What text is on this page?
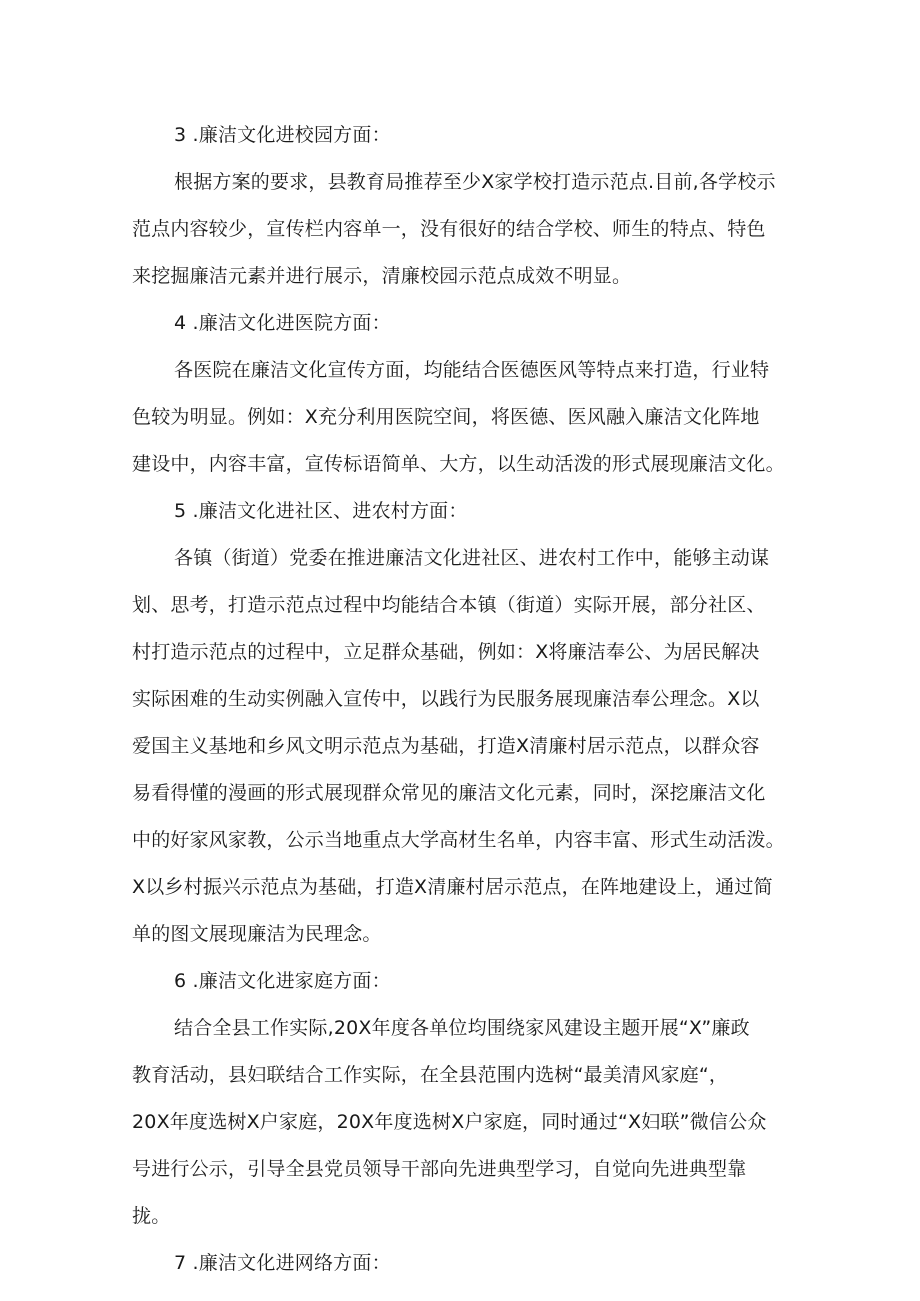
3 .廉洁文化进校园方面：
根据方案的要求，县教育局推荐至少X家学校打造示范点.目前,各学校示
范点内容较少，宣传栏内容单一，没有很好的结合学校、师生的特点、特色
来挖掘廉洁元素并进行展示，清廉校园示范点成效不明显。
4 .廉洁文化进医院方面：
各医院在廉洁文化宣传方面，均能结合医德医风等特点来打造，行业特
色较为明显。例如：X充分利用医院空间，将医德、医风融入廉洁文化阵地
建设中，内容丰富，宣传标语简单、大方，以生动活泼的形式展现廉洁文化。
5 .廉洁文化进社区、进农村方面：
各镇（街道）党委在推进廉洁文化进社区、进农村工作中，能够主动谋
划、思考，打造示范点过程中均能结合本镇（街道）实际开展，部分社区、
村打造示范点的过程中，立足群众基础，例如：X将廉洁奉公、为居民解决
实际困难的生动实例融入宣传中，以践行为民服务展现廉洁奉公理念。X以
爱国主义基地和乡风文明示范点为基础，打造X清廉村居示范点，以群众容
易看得懂的漫画的形式展现群众常见的廉洁文化元素，同时，深挖廉洁文化
中的好家风家教，公示当地重点大学高材生名单，内容丰富、形式生动活泼。
X以乡村振兴示范点为基础，打造X清廉村居示范点，在阵地建设上，通过简
单的图文展现廉洁为民理念。
6 .廉洁文化进家庭方面：
结合全县工作实际,20X年度各单位均围绕家风建设主题开展“X”廉政
教育活动，县妇联结合工作实际，在全县范围内选树“最美清风家庭“，
20X年度选树X户家庭，20X年度选树X户家庭，同时通过“X妇联”微信公众
号进行公示，引导全县党员领导干部向先进典型学习，自觉向先进典型靠
拢。
7 .廉洁文化进网络方面：
